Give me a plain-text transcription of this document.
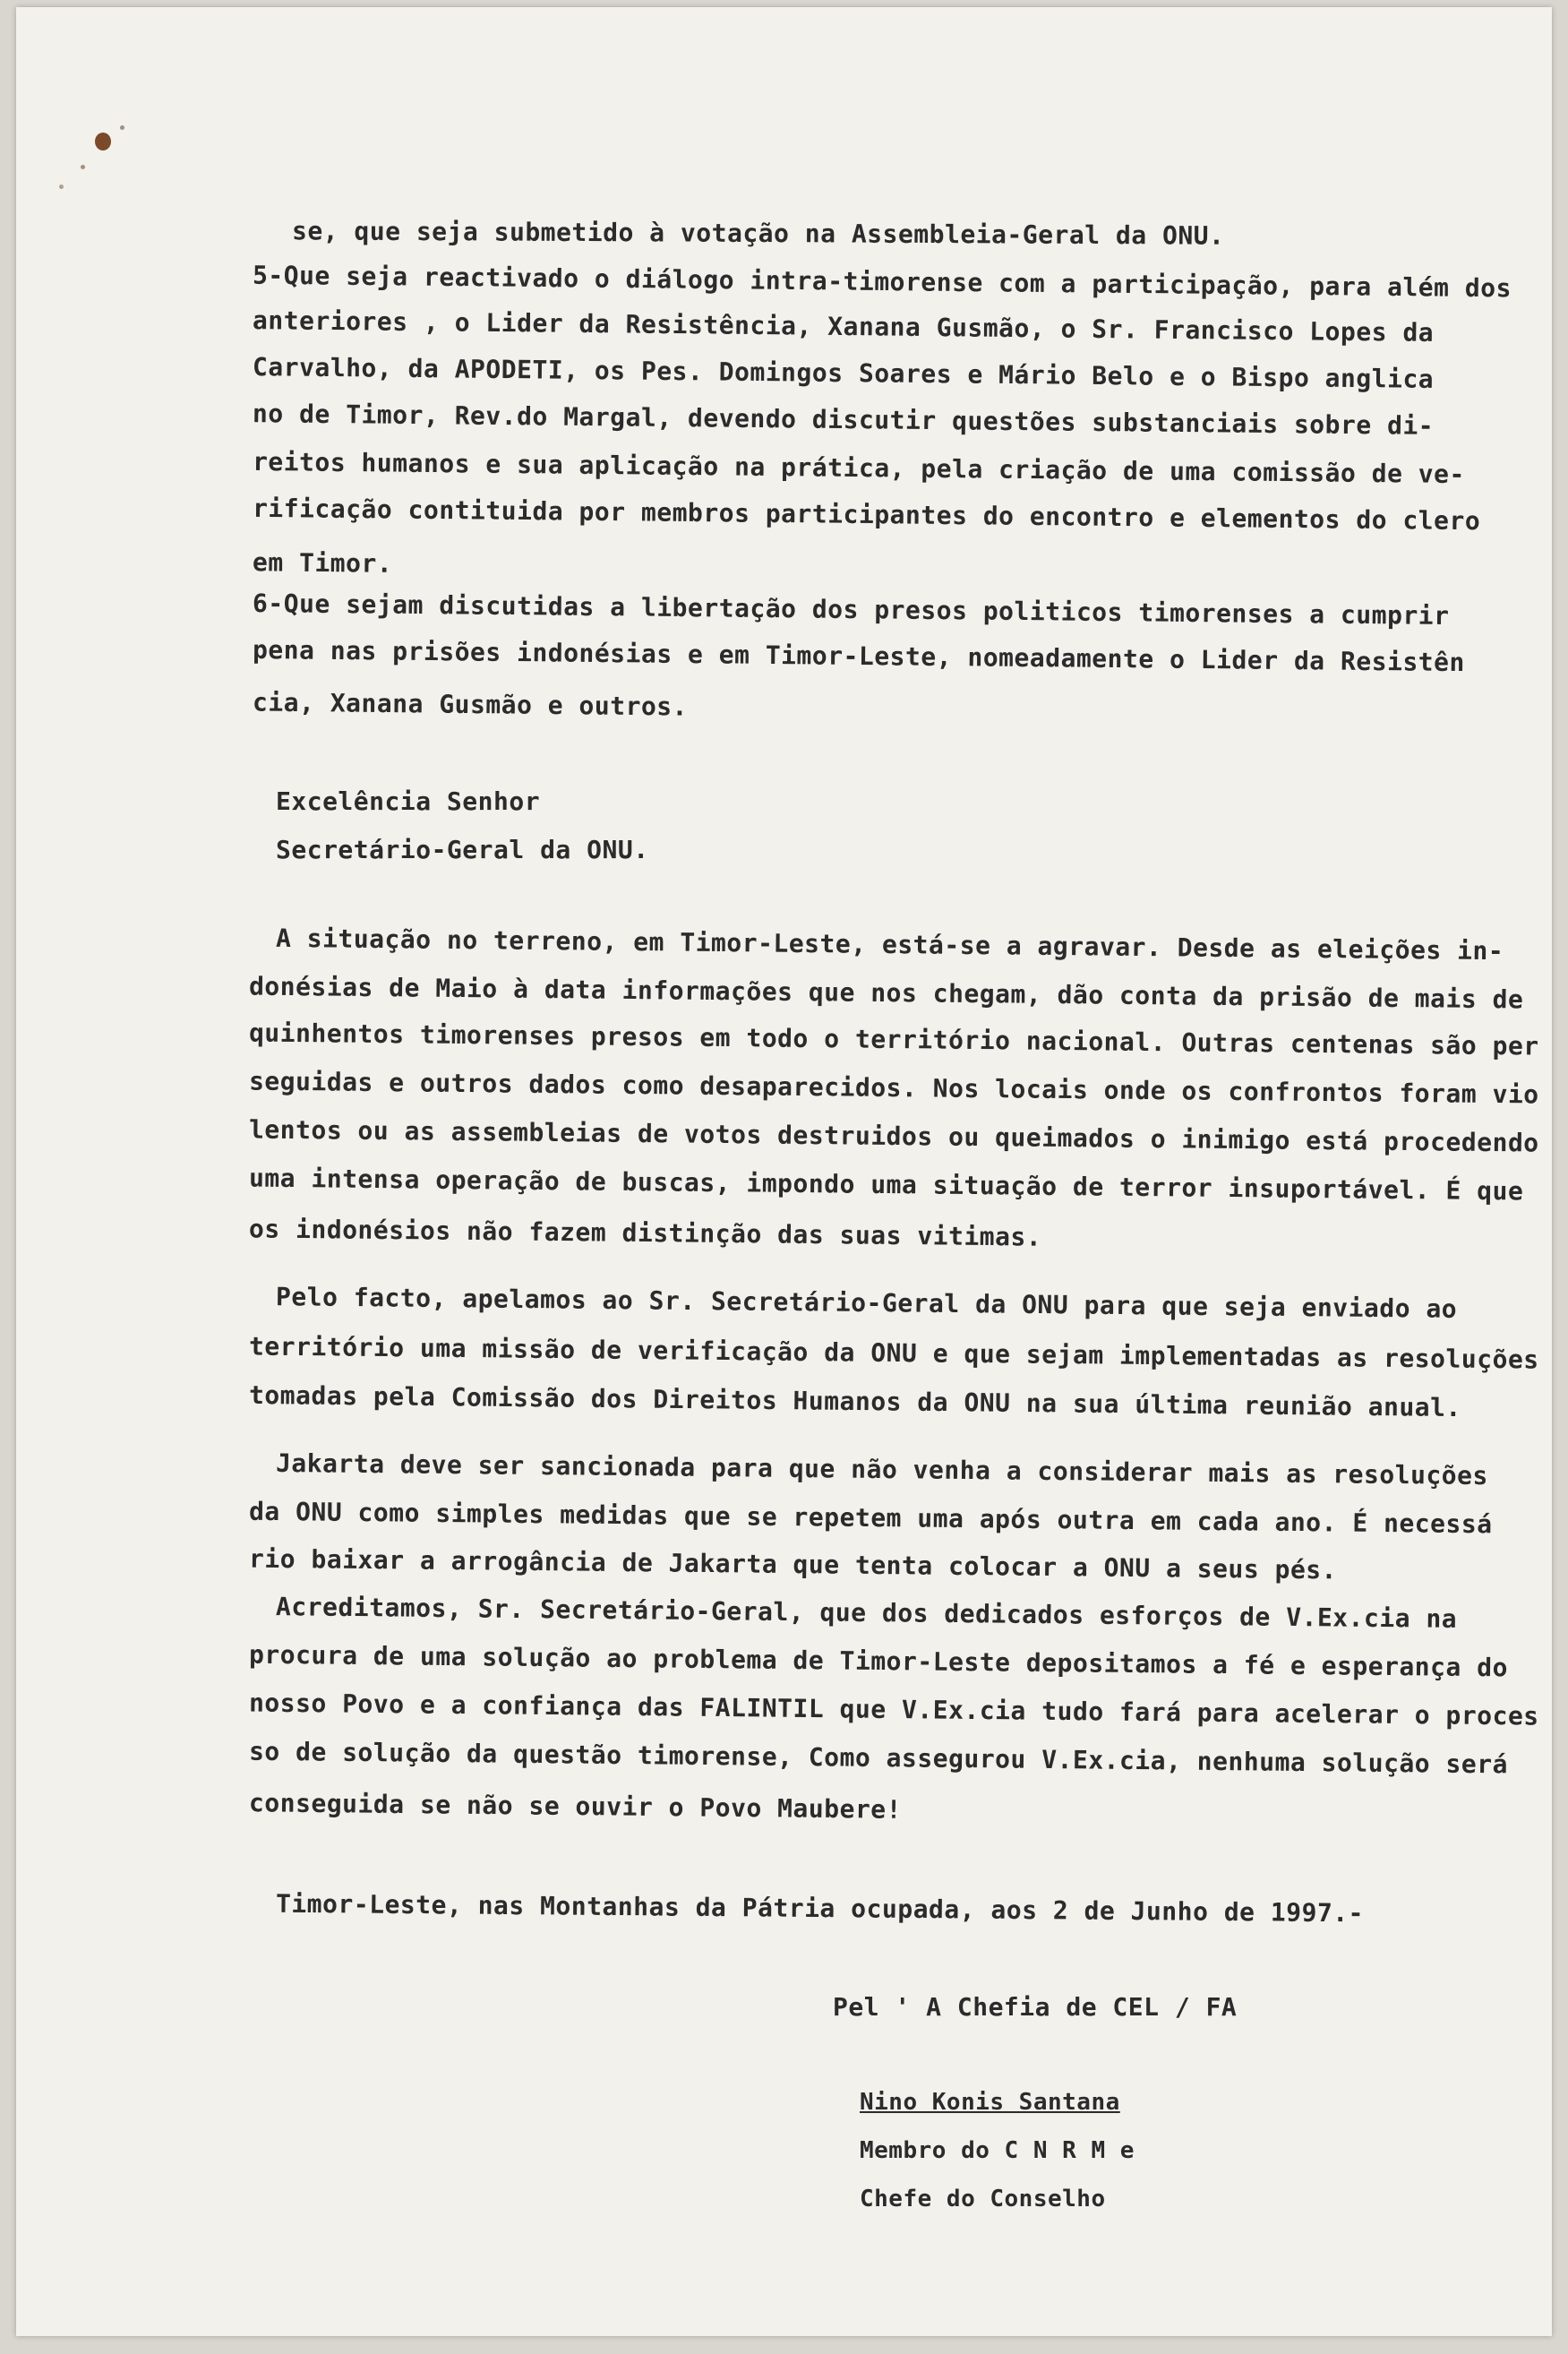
se, que seja submetido à votação na Assembleia-Geral da ONU.

5-Que seja reactivado o diálogo intra-timorense com a participação, para além dos

anteriores , o Lider da Resistência, Xanana Gusmão, o Sr. Francisco Lopes da

Carvalho, da APODETI, os Pes. Domingos Soares e Mário Belo e o Bispo anglica

no de Timor, Rev.do Margal, devendo discutir questões substanciais sobre di-

reitos humanos e sua aplicação na prática, pela criação de uma comissão de ve-

rificação contituida por membros participantes do encontro e elementos do clero

em Timor.

6-Que sejam discutidas a libertação dos presos politicos timorenses a cumprir

pena nas prisões indonésias e em Timor-Leste, nomeadamente o Lider da Resistên

cia, Xanana Gusmão e outros.

Excelência Senhor

Secretário-Geral da ONU.

A situação no terreno, em Timor-Leste, está-se a agravar. Desde as eleições in-

donésias de Maio à data informações que nos chegam, dão conta da prisão de mais de

quinhentos timorenses presos em todo o território nacional. Outras centenas são per

seguidas e outros dados como desaparecidos. Nos locais onde os confrontos foram vio

lentos ou as assembleias de votos destruidos ou queimados o inimigo está procedendo

uma intensa operação de buscas, impondo uma situação de terror insuportável. É que

os indonésios não fazem distinção das suas vitimas.

Pelo facto, apelamos ao Sr. Secretário-Geral da ONU para que seja enviado ao

território uma missão de verificação da ONU e que sejam implementadas as resoluções

tomadas pela Comissão dos Direitos Humanos da ONU na sua última reunião anual.

Jakarta deve ser sancionada para que não venha a considerar mais as resoluções

da ONU como simples medidas que se repetem uma após outra em cada ano. É necessá

rio baixar a arrogância de Jakarta que tenta colocar a ONU a seus pés.

Acreditamos, Sr. Secretário-Geral, que dos dedicados esforços de V.Ex.cia na

procura de uma solução ao problema de Timor-Leste depositamos a fé e esperança do

nosso Povo e a confiança das FALINTIL que V.Ex.cia tudo fará para acelerar o proces

so de solução da questão timorense, Como assegurou V.Ex.cia, nenhuma solução será

conseguida se não se ouvir o Povo Maubere!

Timor-Leste, nas Montanhas da Pátria ocupada, aos 2 de Junho de 1997.-

Pel ' A Chefia de CEL / FA

Nino Konis Santana

Membro do C N R M e

Chefe do Conselho
